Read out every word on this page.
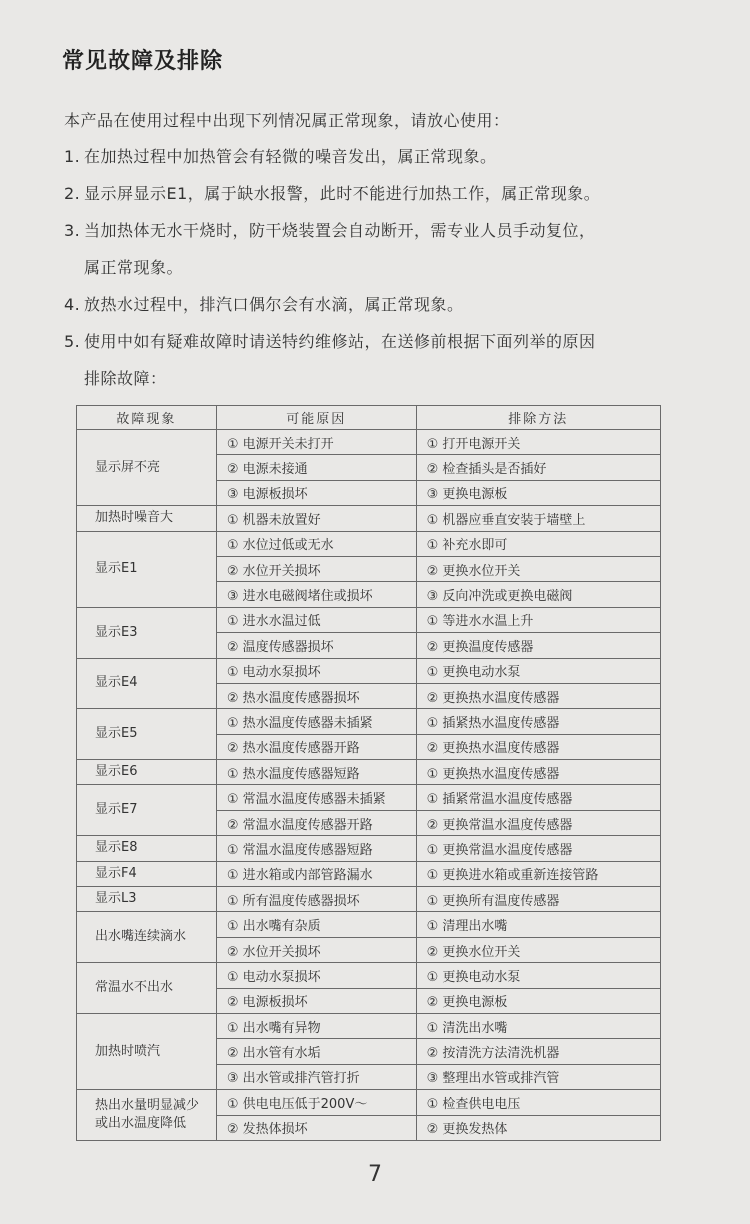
常见故障及排除
本产品在使用过程中出现下列情况属正常现象，请放心使用：
1. 在加热过程中加热管会有轻微的噪音发出，属正常现象。
2. 显示屏显示E1，属于缺水报警，此时不能进行加热工作，属正常现象。
3. 当加热体无水干烧时，防干烧装置会自动断开，需专业人员手动复位，
属正常现象。
4. 放热水过程中，排汽口偶尔会有水滴，属正常现象。
5. 使用中如有疑难故障时请送特约维修站，在送修前根据下面列举的原因
排除故障：
故障现象	可能原因	排除方法

显示屏不亮	① 电源开关未打开	① 打开电源开关
	② 电源未接通	② 检查插头是否插好
	③ 电源板损坏	③ 更换电源板

加热时噪音大	① 机器未放置好	① 机器应垂直安装于墙壁上

显示E1	① 水位过低或无水	① 补充水即可
	② 水位开关损坏	② 更换水位开关
	③ 进水电磁阀堵住或损坏	③ 反向冲洗或更换电磁阀

显示E3	① 进水水温过低	① 等进水水温上升
	② 温度传感器损坏	② 更换温度传感器

显示E4	① 电动水泵损坏	① 更换电动水泵
	② 热水温度传感器损坏	② 更换热水温度传感器

显示E5	① 热水温度传感器未插紧	① 插紧热水温度传感器
	② 热水温度传感器开路	② 更换热水温度传感器

显示E6	① 热水温度传感器短路	① 更换热水温度传感器

显示E7	① 常温水温度传感器未插紧	① 插紧常温水温度传感器
	② 常温水温度传感器开路	② 更换常温水温度传感器

显示E8	① 常温水温度传感器短路	① 更换常温水温度传感器

显示F4	① 进水箱或内部管路漏水	① 更换进水箱或重新连接管路

显示L3	① 所有温度传感器损坏	① 更换所有温度传感器

出水嘴连续滴水	① 出水嘴有杂质	① 清理出水嘴
	② 水位开关损坏	② 更换水位开关

常温水不出水	① 电动水泵损坏	① 更换电动水泵
	② 电源板损坏	② 更换电源板

加热时喷汽	① 出水嘴有异物	① 清洗出水嘴
	② 出水管有水垢	② 按清洗方法清洗机器
	③ 出水管或排汽管打折	③ 整理出水管或排汽管

热出水量明显减少
或出水温度降低	① 供电电压低于200V～	① 检查供电电压
	② 发热体损坏	② 更换发热体
7
